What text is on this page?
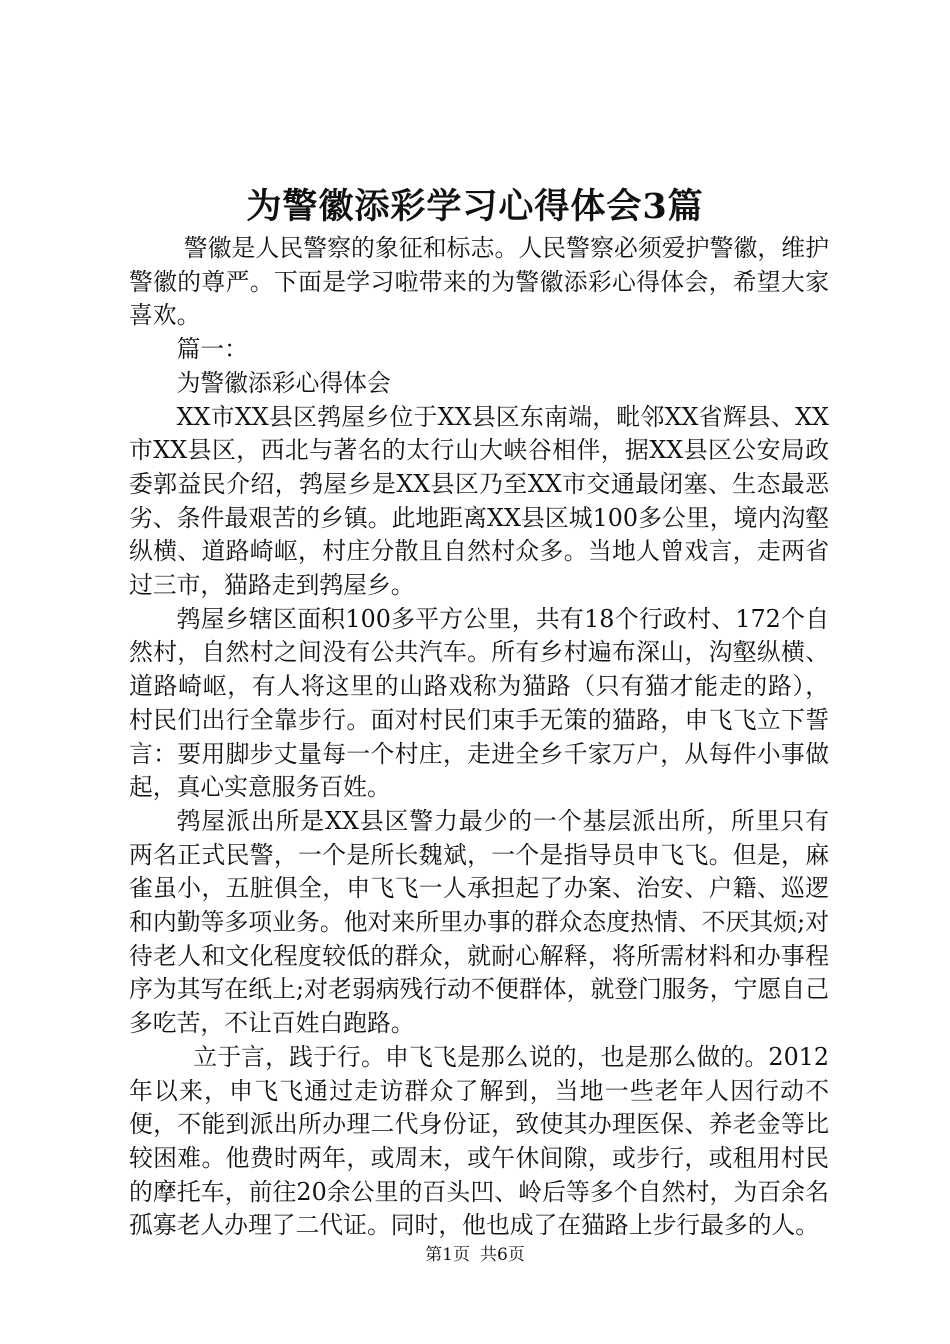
为警徽添彩学习心得体会3篇

警徽是人民警察的象征和标志。人民警察必须爱护警徽，维护警徽的尊严。下面是学习啦带来的为警徽添彩心得体会，希望大家喜欢。

篇一：

为警徽添彩心得体会

XX市XX县区鹁屋乡位于XX县区东南端，毗邻XX省辉县、XX市XX县区，西北与著名的太行山大峡谷相伴，据XX县区公安局政委郭益民介绍，鹁屋乡是XX县区乃至XX市交通最闭塞、生态最恶劣、条件最艰苦的乡镇。此地距离XX县区城100多公里，境内沟壑纵横、道路崎岖，村庄分散且自然村众多。当地人曾戏言，走两省过三市，猫路走到鹁屋乡。

鹁屋乡辖区面积100多平方公里，共有18个行政村、172个自然村，自然村之间没有公共汽车。所有乡村遍布深山，沟壑纵横、道路崎岖，有人将这里的山路戏称为猫路（只有猫才能走的路），村民们出行全靠步行。面对村民们束手无策的猫路，申飞飞立下誓言：要用脚步丈量每一个村庄，走进全乡千家万户，从每件小事做起，真心实意服务百姓。

鹁屋派出所是XX县区警力最少的一个基层派出所，所里只有两名正式民警，一个是所长魏斌，一个是指导员申飞飞。但是，麻雀虽小，五脏俱全，申飞飞一人承担起了办案、治安、户籍、巡逻和内勤等多项业务。他对来所里办事的群众态度热情、不厌其烦;对待老人和文化程度较低的群众，就耐心解释，将所需材料和办事程序为其写在纸上;对老弱病残行动不便群体，就登门服务，宁愿自己多吃苦，不让百姓白跑路。

立于言，践于行。申飞飞是那么说的，也是那么做的。2012年以来，申飞飞通过走访群众了解到，当地一些老年人因行动不便，不能到派出所办理二代身份证，致使其办理医保、养老金等比较困难。他费时两年，或周末，或午休间隙，或步行，或租用村民的摩托车，前往20余公里的百头凹、岭后等多个自然村，为百余名孤寡老人办理了二代证。同时，他也成了在猫路上步行最多的人。

第1页 共6页
